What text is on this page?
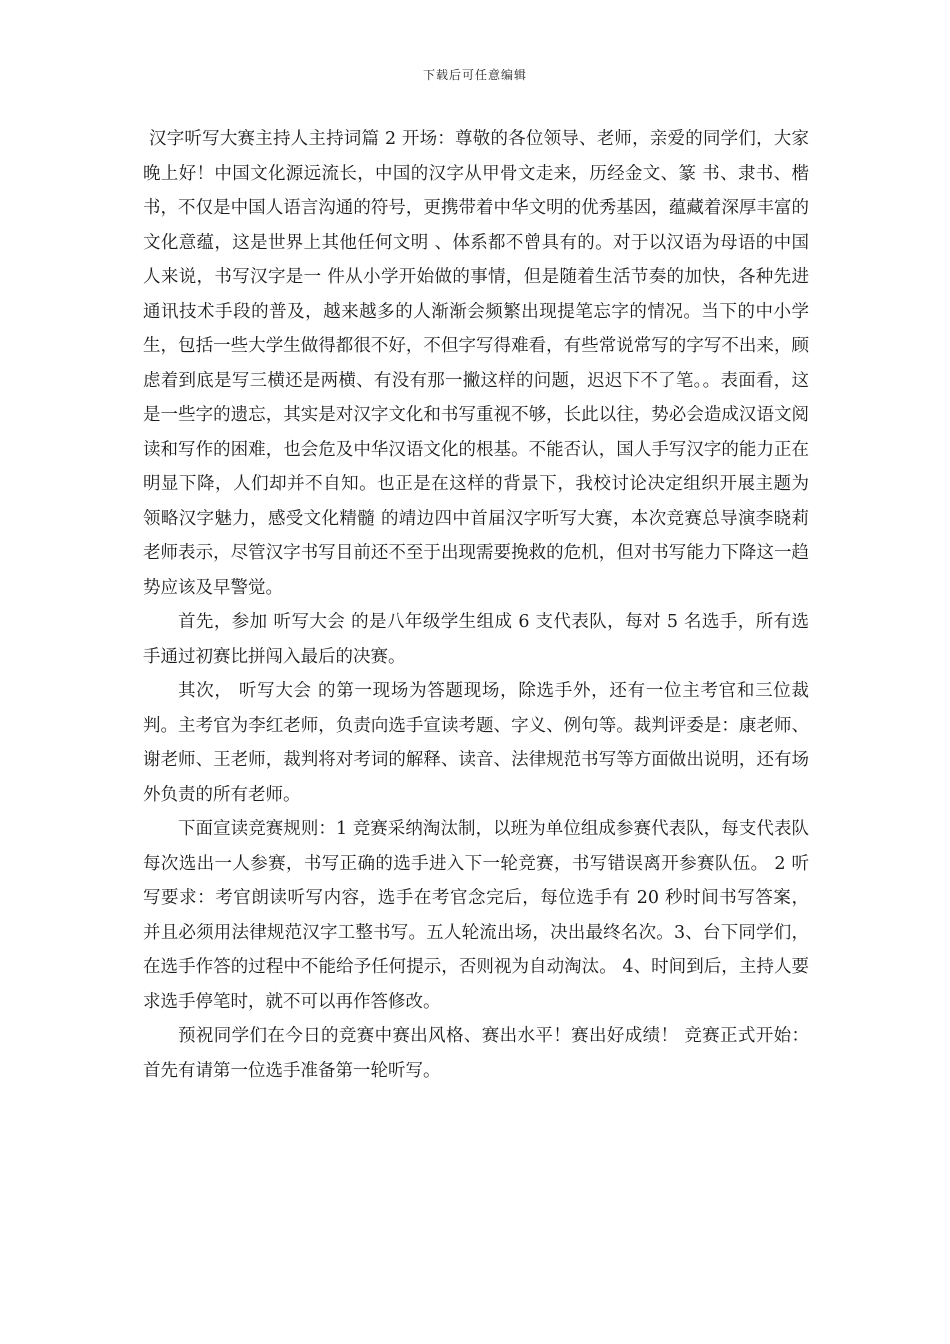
下载后可任意编辑

汉字听写大赛主持人主持词篇 2 开场：尊敬的各位领导、老师，亲爱的同学们，大家晚上好！中国文化源远流长，中国的汉字从甲骨文走来，历经金文、篆 书、隶书、楷书，不仅是中国人语言沟通的符号，更携带着中华文明的优秀基因，蕴藏着深厚丰富的文化意蕴，这是世界上其他任何文明 、体系都不曾具有的。对于以汉语为母语的中国人来说，书写汉字是一 件从小学开始做的事情，但是随着生活节奏的加快，各种先进通讯技术手段的普及，越来越多的人渐渐会频繁出现提笔忘字的情况。当下的中小学生，包括一些大学生做得都很不好，不但字写得难看，有些常说常写的字写不出来，顾虑着到底是写三横还是两横、有没有那一撇这样的问题，迟迟下不了笔。。表面看，这是一些字的遗忘，其实是对汉字文化和书写重视不够，长此以往，势必会造成汉语文阅读和写作的困难，也会危及中华汉语文化的根基。不能否认，国人手写汉字的能力正在明显下降，人们却并不自知。也正是在这样的背景下，我校讨论决定组织开展主题为 领略汉字魅力，感受文化精髓 的靖边四中首届汉字听写大赛，本次竞赛总导演李晓莉老师表示，尽管汉字书写目前还不至于出现需要挽救的危机，但对书写能力下降这一趋势应该及早警觉。

首先，参加 听写大会 的是八年级学生组成 6 支代表队，每对 5 名选手，所有选手通过初赛比拼闯入最后的决赛。

其次， 听写大会 的第一现场为答题现场，除选手外，还有一位主考官和三位裁判。主考官为李红老师，负责向选手宣读考题、字义、例句等。裁判评委是：康老师、谢老师、王老师，裁判将对考词的解释、读音、法律规范书写等方面做出说明，还有场外负责的所有老师。

下面宣读竞赛规则：1 竞赛采纳淘汰制，以班为单位组成参赛代表队，每支代表队每次选出一人参赛，书写正确的选手进入下一轮竞赛，书写错误离开参赛队伍。 2 听写要求：考官朗读听写内容，选手在考官念完后，每位选手有 20 秒时间书写答案， 并且必须用法律规范汉字工整书写。五人轮流出场，决出最终名次。3、台下同学们，在选手作答的过程中不能给予任何提示，否则视为自动淘汰。 4、时间到后，主持人要求选手停笔时，就不可以再作答修改。

预祝同学们在今日的竞赛中赛出风格、赛出水平！赛出好成绩！ 竞赛正式开始：首先有请第一位选手准备第一轮听写。
